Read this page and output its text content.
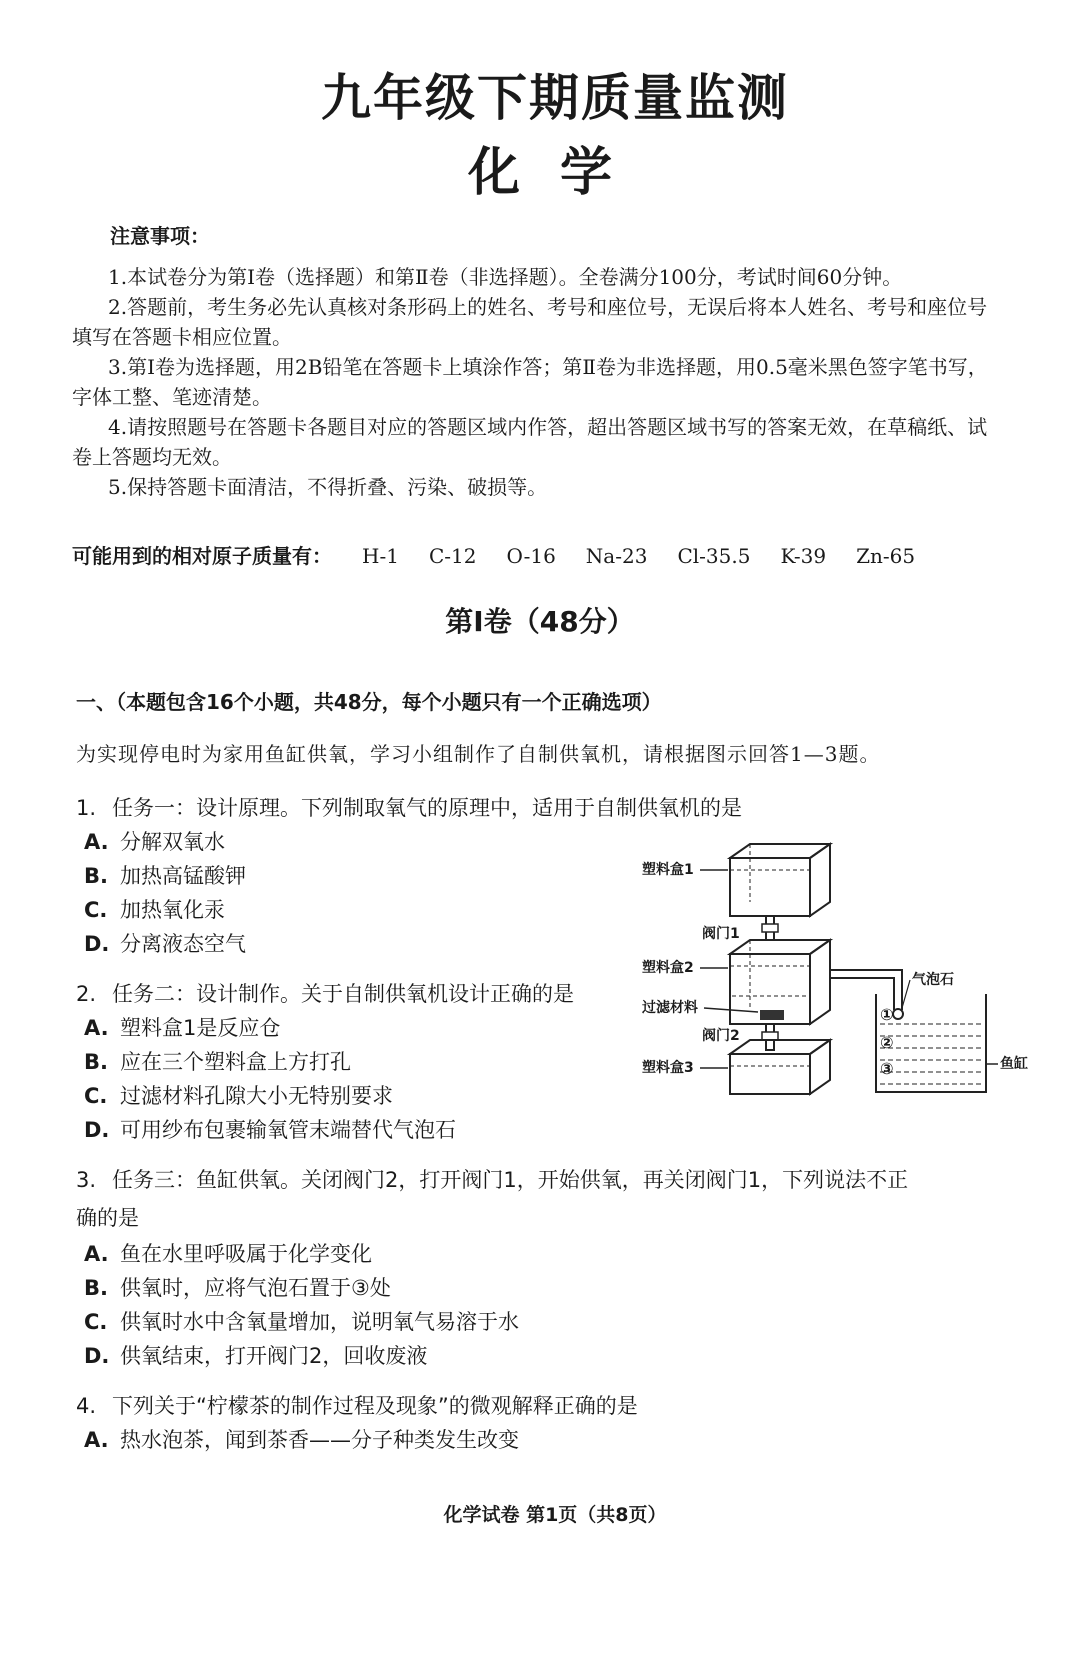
九年级下期质量监测
化学
注意事项：

1.本试卷分为第Ⅰ卷（选择题）和第Ⅱ卷（非选择题）。全卷满分100分，考试时间60分钟。

2.答题前，考生务必先认真核对条形码上的姓名、考号和座位号，无误后将本人姓名、考号和座位号填写在答题卡相应位置。

3.第Ⅰ卷为选择题，用2B铅笔在答题卡上填涂作答；第Ⅱ卷为非选择题，用0.5毫米黑色签字笔书写，字体工整、笔迹清楚。

4.请按照题号在答题卡各题目对应的答题区域内作答，超出答题区域书写的答案无效，在草稿纸、试卷上答题均无效。

5.保持答题卡面清洁，不得折叠、污染、破损等。

可能用到的相对原子质量有： H-1 C-12 O-16 Na-23 Cl-35.5 K-39 Zn-65
第Ⅰ卷（48分）
一、（本题包含16个小题，共48分，每个小题只有一个正确选项）
为实现停电时为家用鱼缸供氧，学习小组制作了自制供氧机，请根据图示回答1—3题。
1. 任务一：设计原理。下列制取氧气的原理中，适用于自制供氧机的是
A. 分解双氧水
B. 加热高锰酸钾
C. 加热氧化汞
D. 分离液态空气
2. 任务二：设计制作。关于自制供氧机设计正确的是
A. 塑料盒1是反应仓
B. 应在三个塑料盒上方打孔
C. 过滤材料孔隙大小无特别要求
D. 可用纱布包裹输氧管末端替代气泡石
3. 任务三：鱼缸供氧。关闭阀门2，打开阀门1，开始供氧，再关闭阀门1，下列说法不正
确的是
A. 鱼在水里呼吸属于化学变化
B. 供氧时，应将气泡石置于③处
C. 供氧时水中含氧量增加，说明氧气易溶于水
D. 供氧结束，打开阀门2，回收废液
4. 下列关于“柠檬茶的制作过程及现象”的微观解释正确的是
A. 热水泡茶，闻到茶香——分子种类发生改变
塑料盒1
阀门1
塑料盒2
过滤材料
阀门2
塑料盒3
气泡石
鱼缸
①
②
③
化学试卷 第1页（共8页）
